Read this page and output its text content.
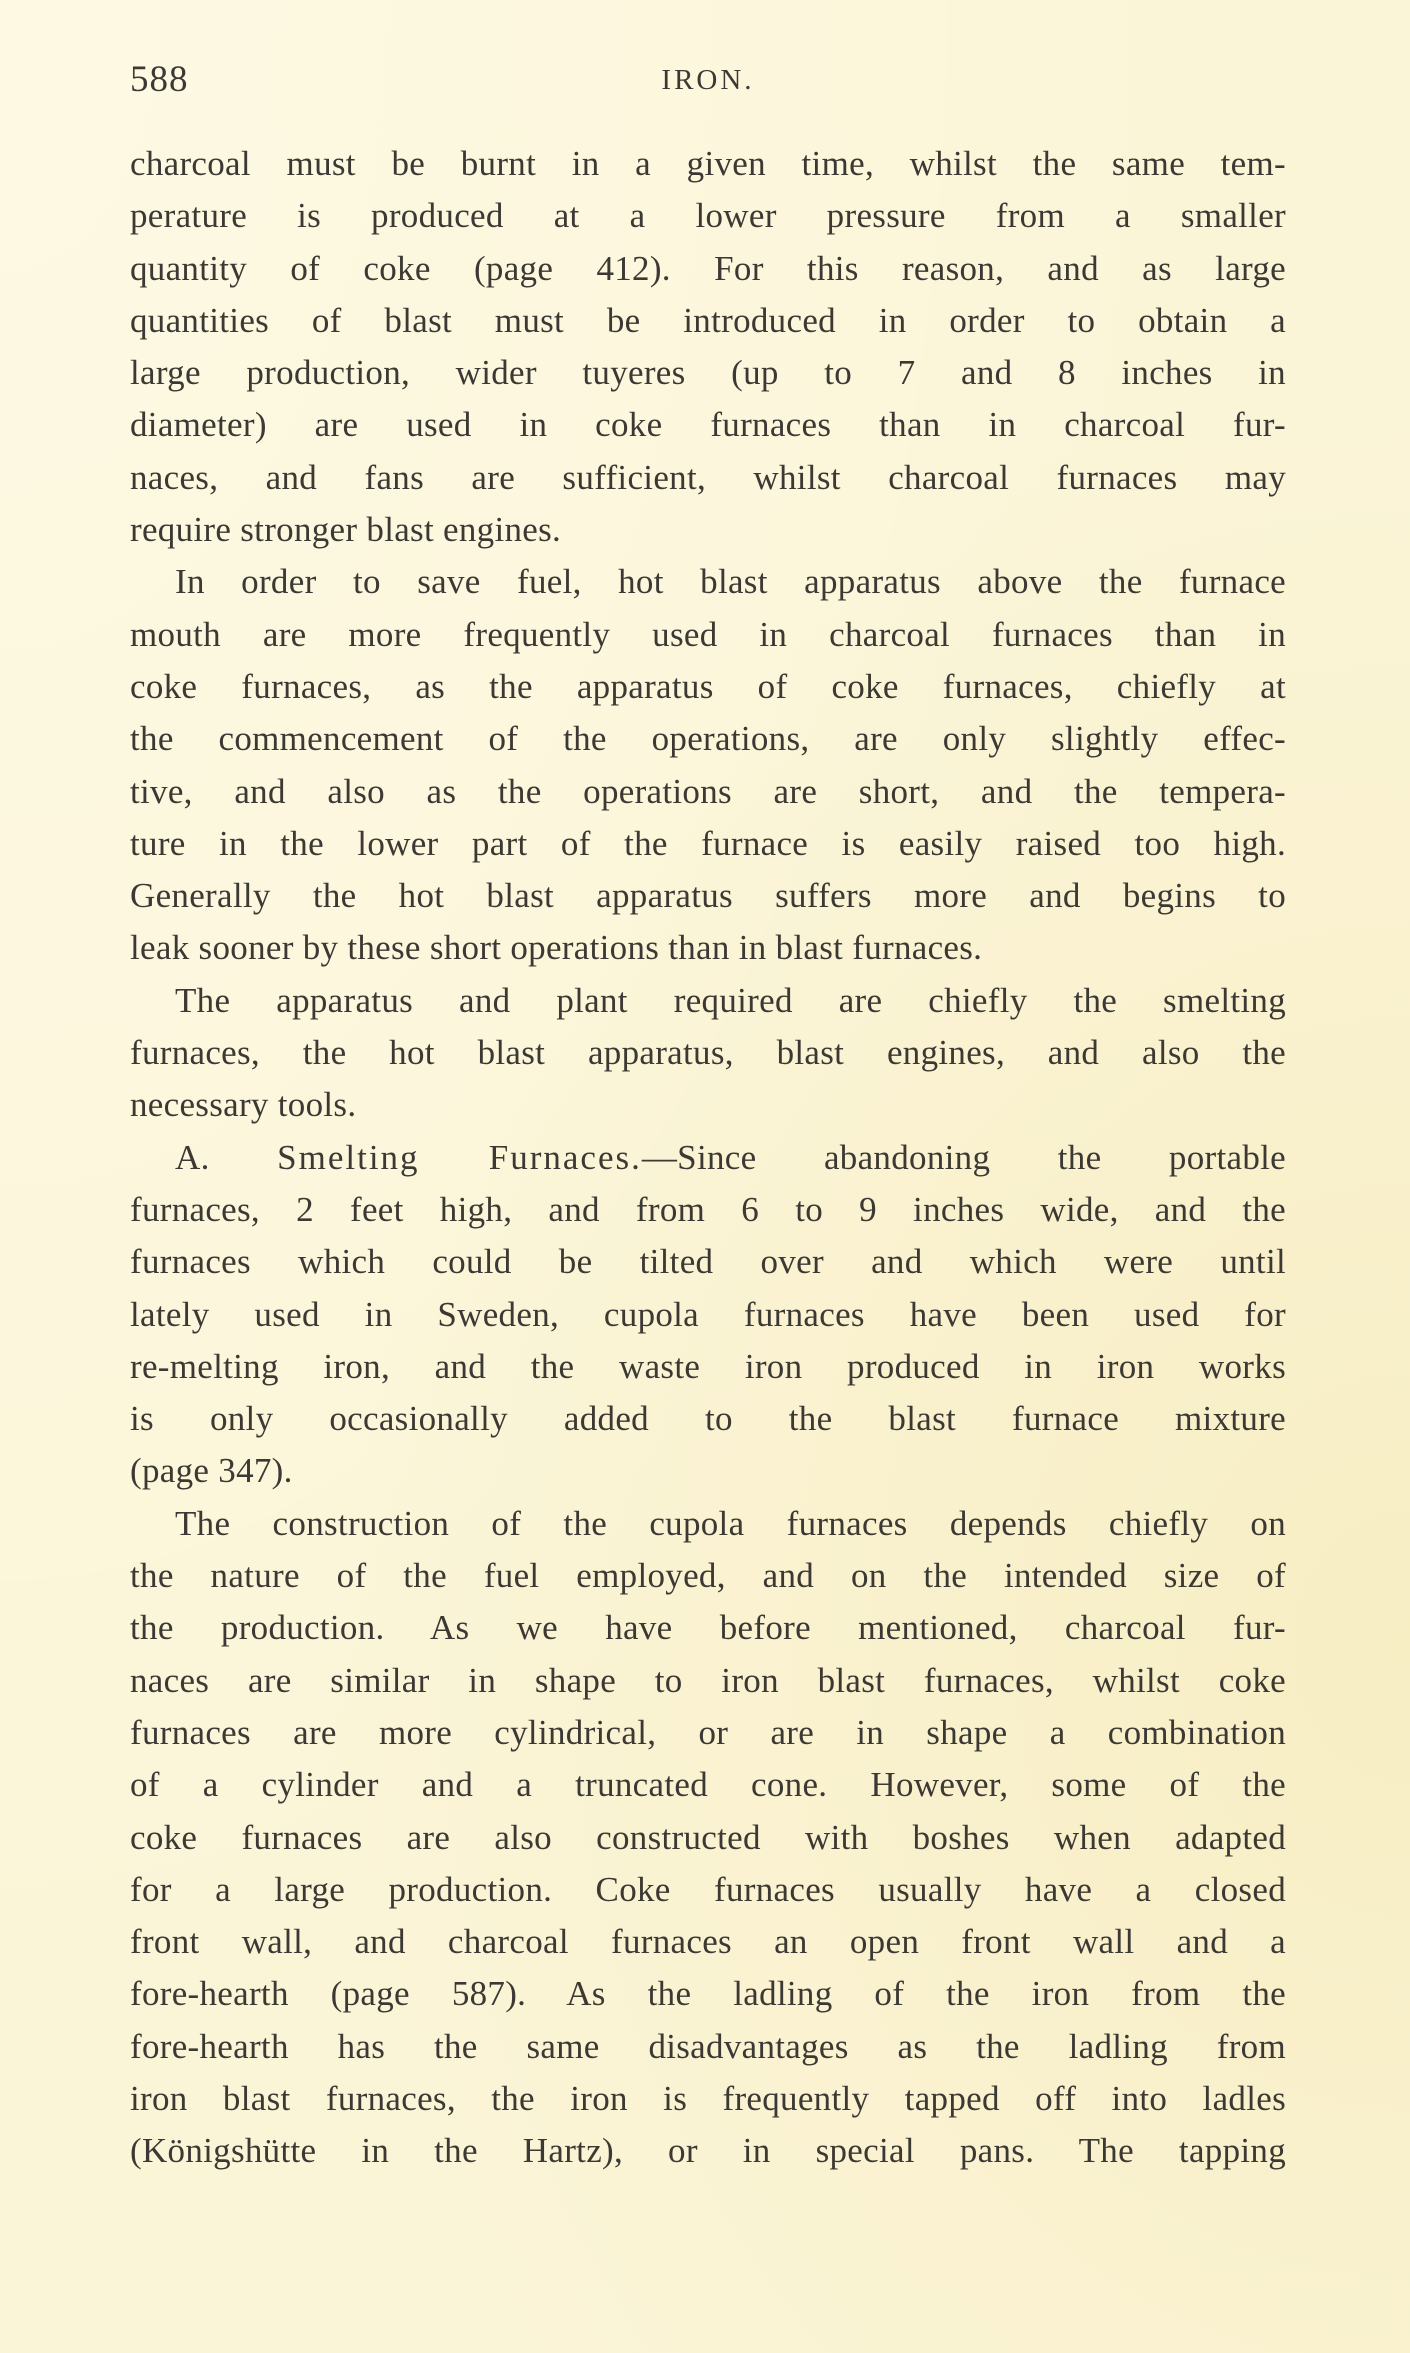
588	IRON.
charcoal must be burnt in a given time, whilst the same tem-
perature is produced at a lower pressure from a smaller
quantity of coke (page 412). For this reason, and as large
quantities of blast must be introduced in order to obtain a
large production, wider tuyeres (up to 7 and 8 inches in
diameter) are used in coke furnaces than in charcoal fur-
naces, and fans are sufficient, whilst charcoal furnaces may
require stronger blast engines.
In order to save fuel, hot blast apparatus above the furnace
mouth are more frequently used in charcoal furnaces than in
coke furnaces, as the apparatus of coke furnaces, chiefly at
the commencement of the operations, are only slightly effec-
tive, and also as the operations are short, and the tempera-
ture in the lower part of the furnace is easily raised too high.
Generally the hot blast apparatus suffers more and begins to
leak sooner by these short operations than in blast furnaces.
The apparatus and plant required are chiefly the smelting
furnaces, the hot blast apparatus, blast engines, and also the
necessary tools.
A. Smelting Furnaces.—Since abandoning the portable
furnaces, 2 feet high, and from 6 to 9 inches wide, and the
furnaces which could be tilted over and which were until
lately used in Sweden, cupola furnaces have been used for
re-melting iron, and the waste iron produced in iron works
is only occasionally added to the blast furnace mixture
(page 347).
The construction of the cupola furnaces depends chiefly on
the nature of the fuel employed, and on the intended size of
the production. As we have before mentioned, charcoal fur-
naces are similar in shape to iron blast furnaces, whilst coke
furnaces are more cylindrical, or are in shape a combination
of a cylinder and a truncated cone. However, some of the
coke furnaces are also constructed with boshes when adapted
for a large production. Coke furnaces usually have a closed
front wall, and charcoal furnaces an open front wall and a
fore-hearth (page 587). As the ladling of the iron from the
fore-hearth has the same disadvantages as the ladling from
iron blast furnaces, the iron is frequently tapped off into ladles
(Königshütte in the Hartz), or in special pans. The tapping
